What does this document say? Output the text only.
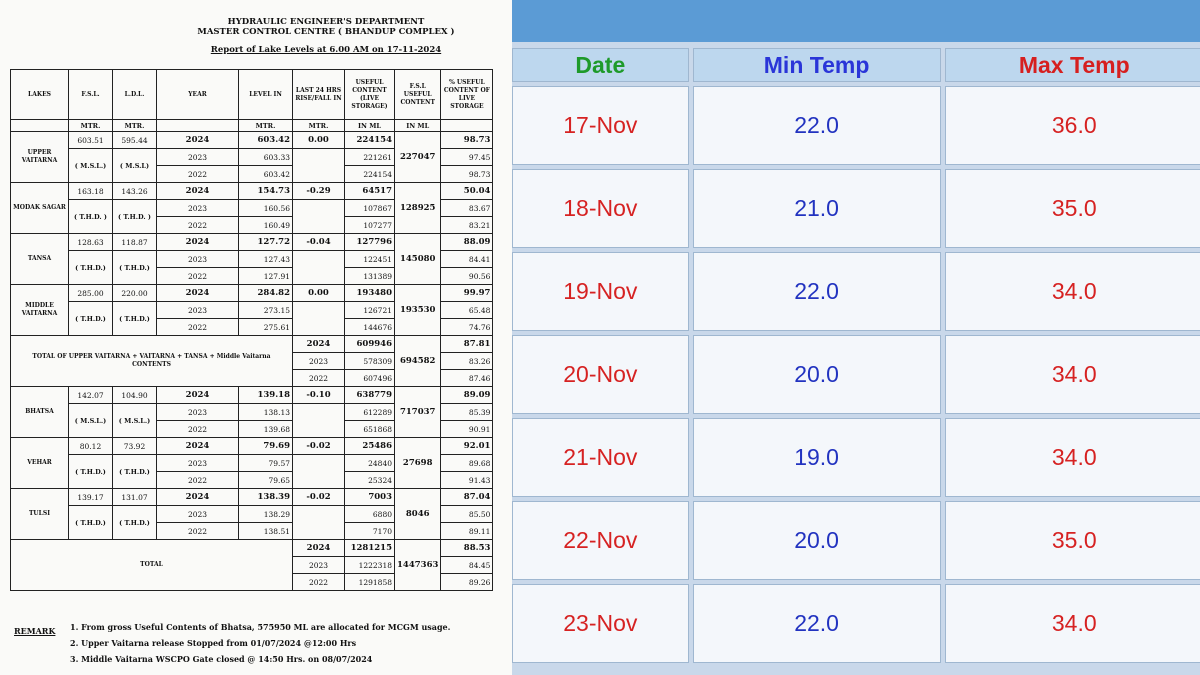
HYDRAULIC ENGINEER'S DEPARTMENT
MASTER CONTROL CENTRE ( BHANDUP COMPLEX )
Report of Lake Levels at 6.00 AM on 17-11-2024
LAKES	F.S.L.	L.D.L.	YEAR	LEVEL IN	LAST 24 HRS RISE/FALL IN	USEFUL CONTENT (LIVE STORAGE)	F.S.L USEFUL CONTENT	% USEFUL CONTENT OF LIVE STORAGE
	MTR.	MTR.		MTR.	MTR.	IN ML	IN ML	
UPPER VAITARNA	603.51	595.44	2024	603.42	0.00	224154	227047	98.73
	( M.S.L.)	( M.S.L)	2023	603.33		221261		97.45
			2022	603.42		224154		98.73
MODAK SAGAR	163.18	143.26	2024	154.73	-0.29	64517	128925	50.04
	( T.H.D. )	( T.H.D. )	2023	160.56		107867		83.67
			2022	160.49		107277		83.21
TANSA	128.63	118.87	2024	127.72	-0.04	127796	145080	88.09
	( T.H.D.)	( T.H.D.)	2023	127.43		122451		84.41
			2022	127.91		131389		90.56
MIDDLE VAITARNA	285.00	220.00	2024	284.82	0.00	193480	193530	99.97
	( T.H.D.)	( T.H.D.)	2023	273.15		126721		65.48
			2022	275.61		144676		74.76
TOTAL OF UPPER VAITARNA + VAITARNA + TANSA + Middle Vaitarna CONTENTS					2024	609946	694582	87.81
					2023	578309		83.26
					2022	607496		87.46
BHATSA	142.07	104.90	2024	139.18	-0.10	638779	717037	89.09
	( M.S.L.)	( M.S.L.)	2023	138.13		612289		85.39
			2022	139.68		651868		90.91
VEHAR	80.12	73.92	2024	79.69	-0.02	25486	27698	92.01
	( T.H.D.)	( T.H.D.)	2023	79.57		24840		89.68
			2022	79.65		25324		91.43
TULSI	139.17	131.07	2024	138.39	-0.02	7003	8046	87.04
	( T.H.D.)	( T.H.D.)	2023	138.29		6880		85.50
			2022	138.51		7170		89.11
TOTAL					2024	1281215	1447363	88.53
					2023	1222318		84.45
					2022	1291858		89.26
REMARK 1. From gross Useful Contents of Bhatsa, 575950 ML are allocated for MCGM usage.
2. Upper Vaitarna release Stopped from 01/07/2024 @12:00 Hrs
3. Middle Vaitarna WSCPO Gate closed @ 14:50 Hrs. on 08/07/2024
Date	Min Temp	Max Temp
17-Nov	22.0	36.0
18-Nov	21.0	35.0
19-Nov	22.0	34.0
20-Nov	20.0	34.0
21-Nov	19.0	34.0
22-Nov	20.0	35.0
23-Nov	22.0	34.0
